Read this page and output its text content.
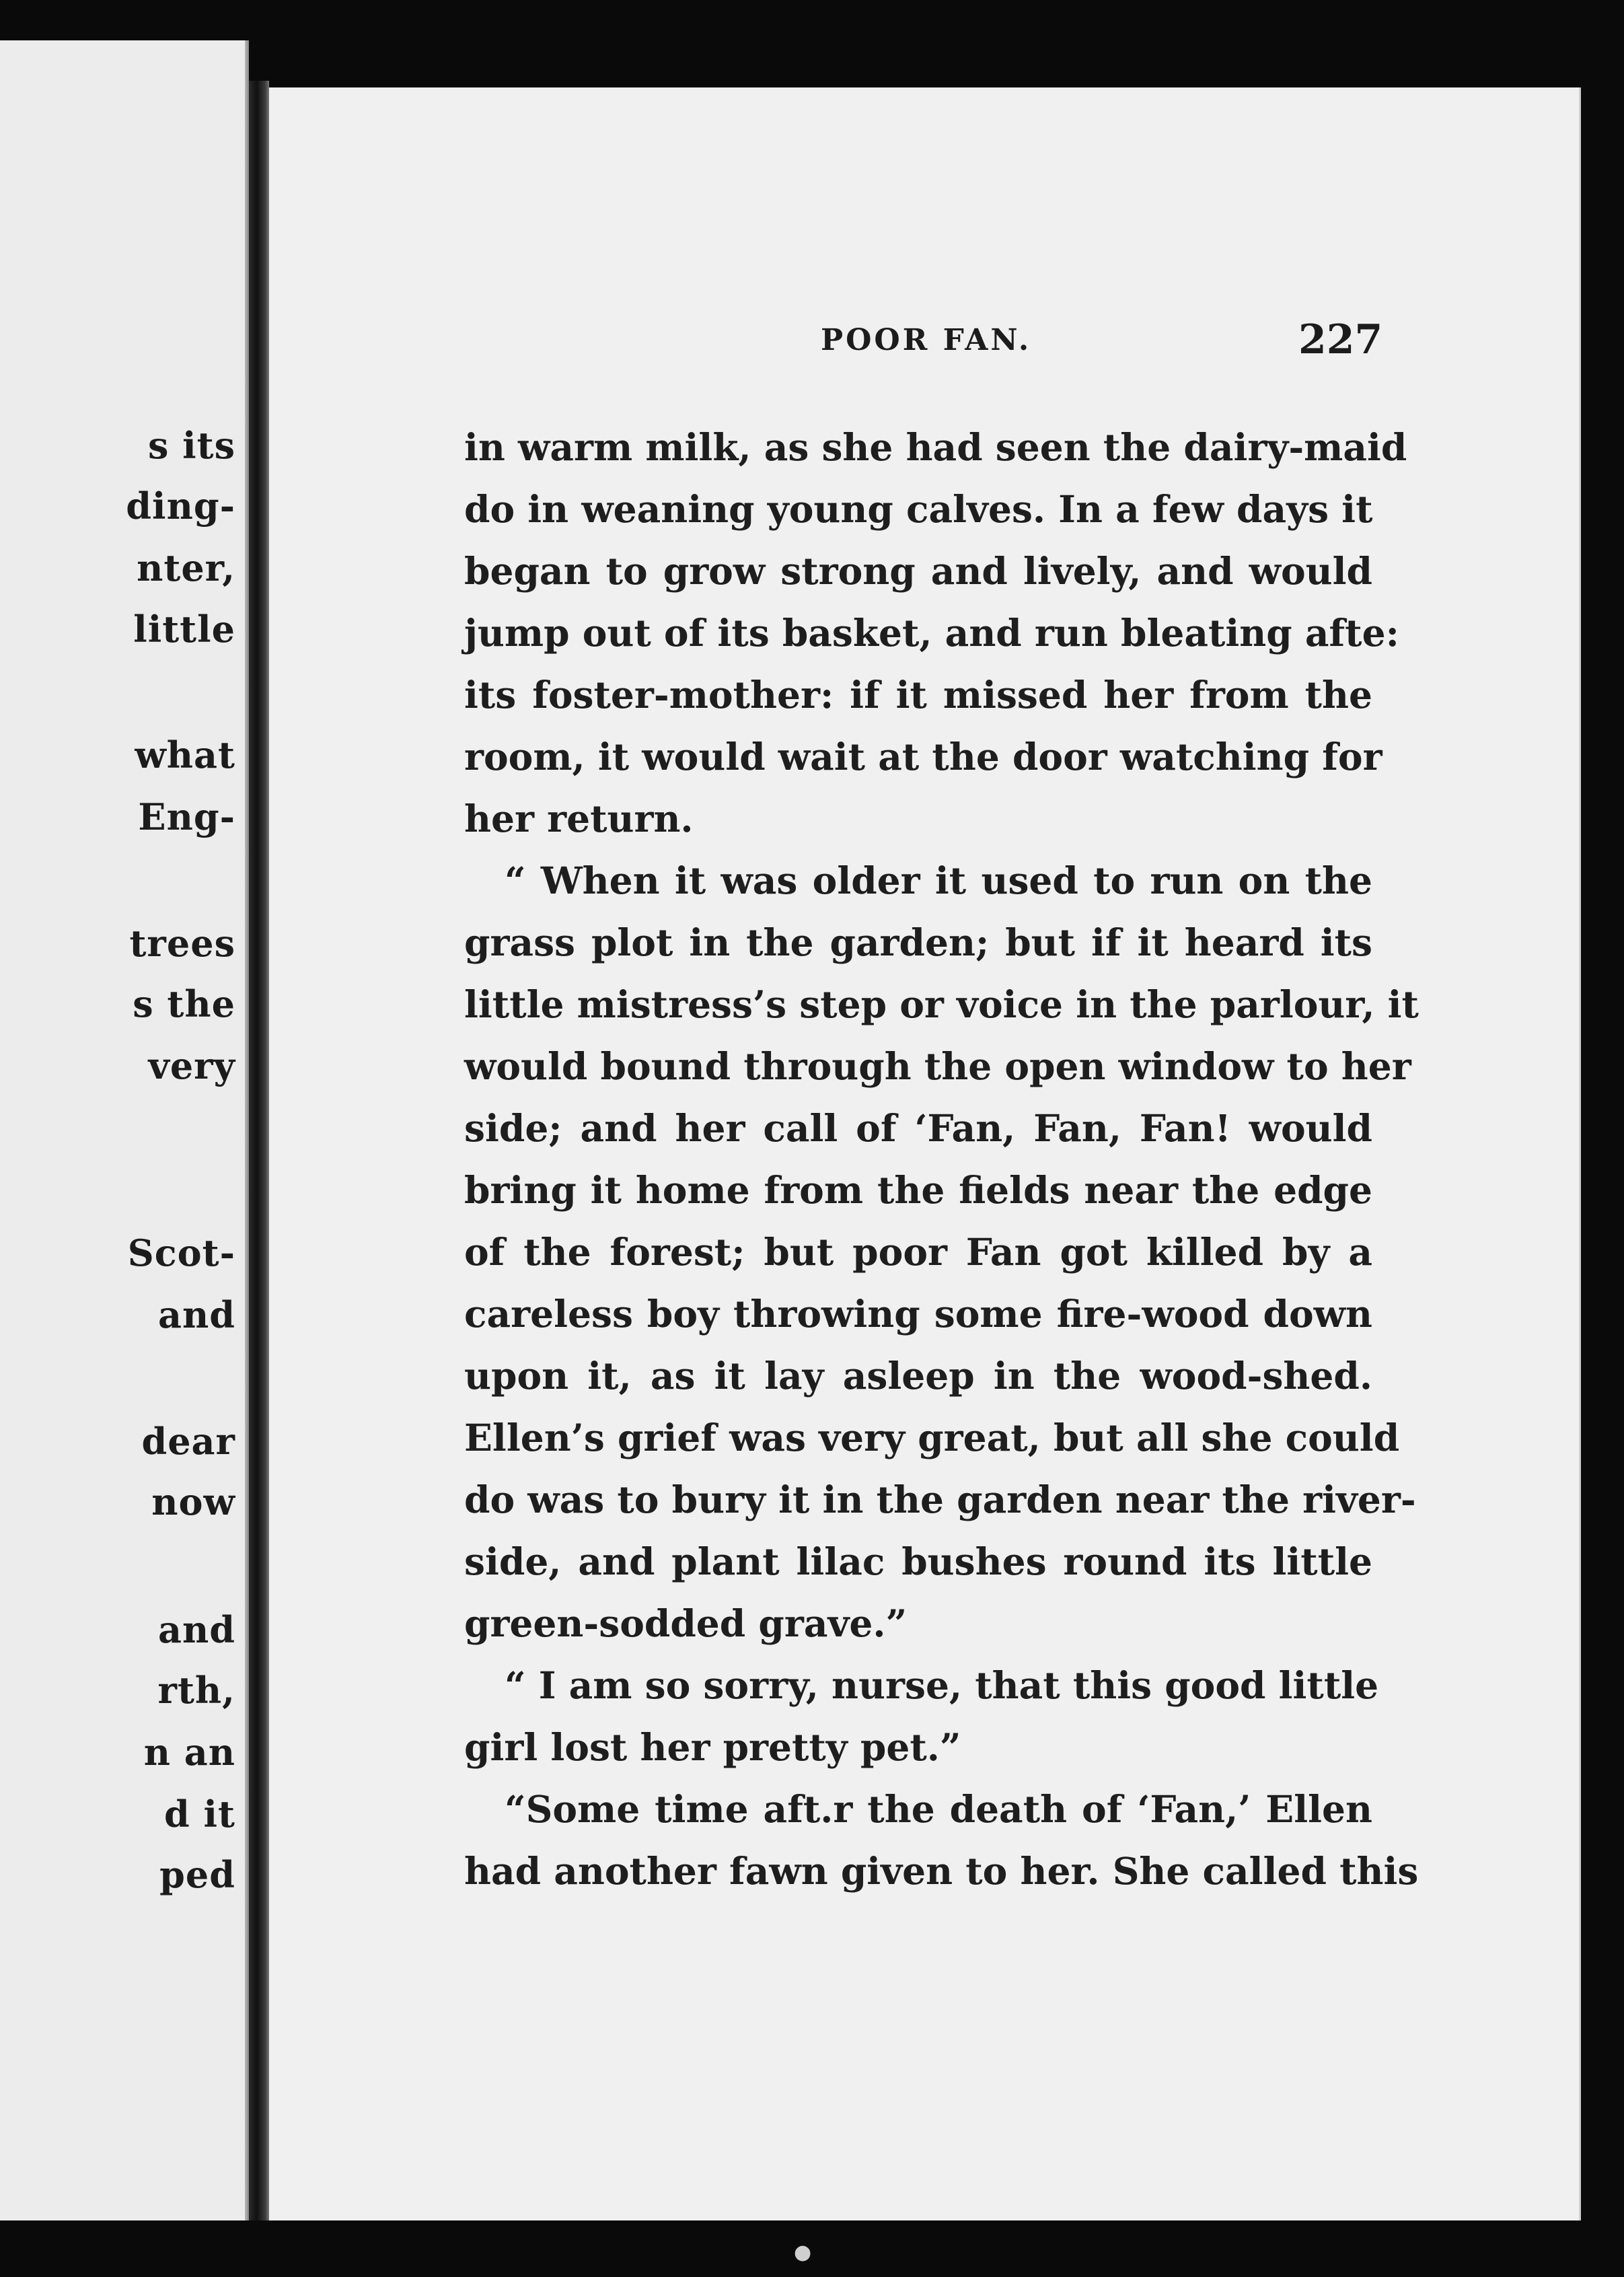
s its
ding-
nter,
little
what
Eng-
trees
s the
very
Scot-
and
dear
now
and
rth,
n an
d it
ped
POOR FAN.	227
in warm milk, as she had seen the dairy-maid
do in weaning young calves. In a few days it
began to grow strong and lively, and would
jump out of its basket, and run bleating afte:
its foster-mother: if it missed her from the
room, it would wait at the door watching for
her return.
“ When it was older it used to run on the
grass plot in the garden; but if it heard its
little mistress’s step or voice in the parlour, it
would bound through the open window to her
side; and her call of ‘Fan, Fan, Fan! would
bring it home from the fields near the edge
of the forest; but poor Fan got killed by a
careless boy throwing some fire-wood down
upon it, as it lay asleep in the wood-shed.
Ellen’s grief was very great, but all she could
do was to bury it in the garden near the river-
side, and plant lilac bushes round its little
green-sodded grave.”
“ I am so sorry, nurse, that this good little
girl lost her pretty pet.”
“Some time aft.r the death of ‘Fan,’ Ellen
had another fawn given to her. She called this
●
